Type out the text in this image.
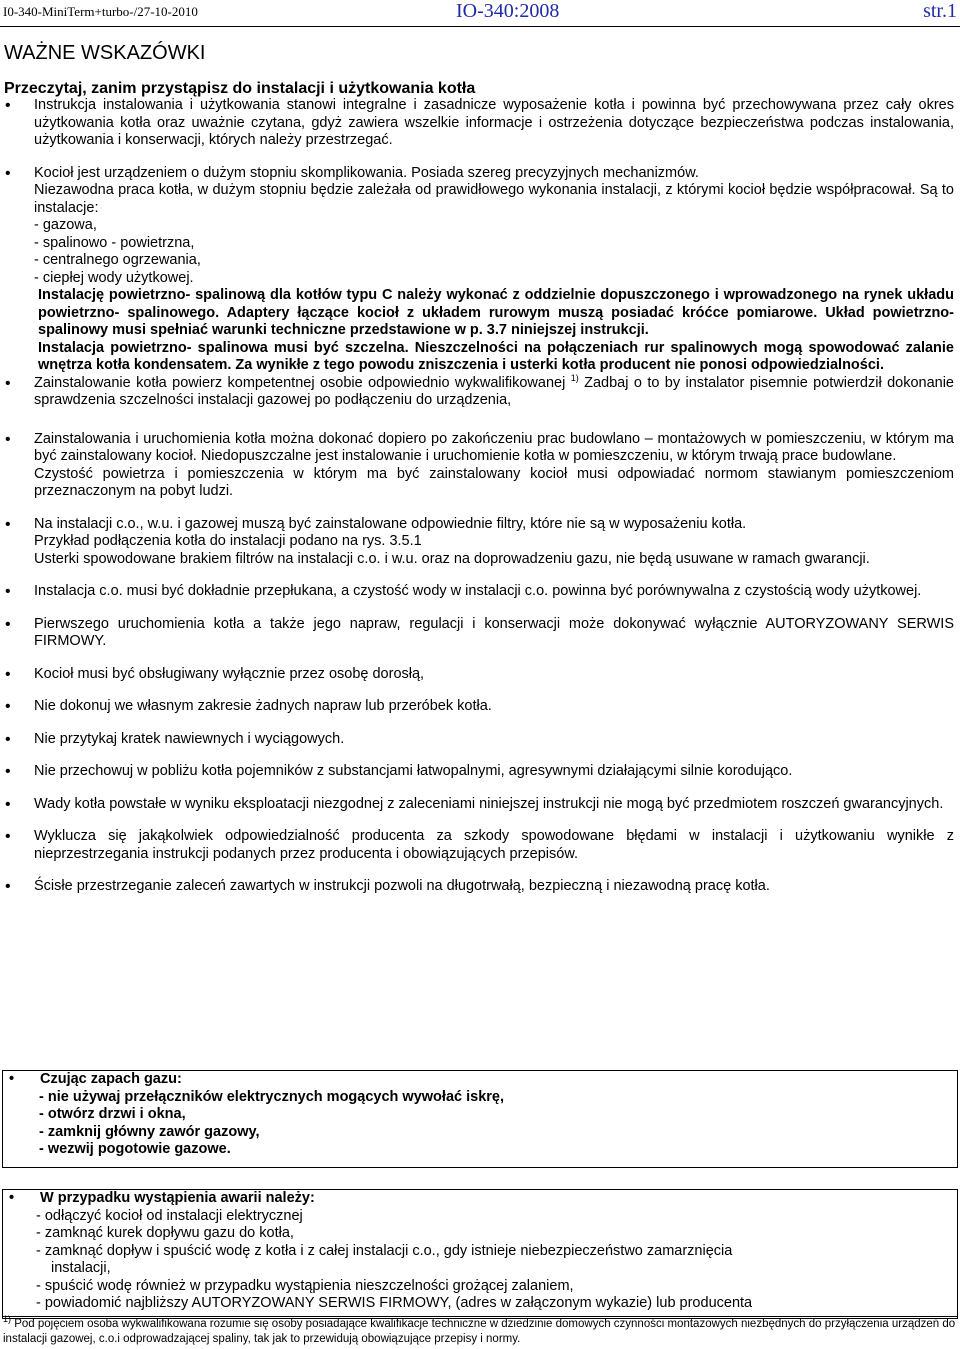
I0-340-MiniTerm+turbo-/27-10-2010	IO-340:2008	str.1
WAŻNE WSKAZÓWKI
Przeczytaj, zanim przystąpisz do instalacji i użytkowania kotła

• Instrukcja instalowania i użytkowania stanowi integralne i zasadnicze wyposażenie kotła i powinna być przechowywana przez cały okres użytkowania kotła oraz uważnie czytana, gdyż zawiera wszelkie informacje i ostrzeżenia dotyczące bezpieczeństwa podczas instalowania, użytkowania i konserwacji, których należy przestrzegać.

• Kocioł jest urządzeniem o dużym stopniu skomplikowania. Posiada szereg precyzyjnych mechanizmów.

Niezawodna praca kotła, w dużym stopniu będzie zależała od prawidłowego wykonania instalacji, z którymi kocioł będzie współpracował. Są to instalacje:

- gazowa,

- spalinowo - powietrzna,

- centralnego ogrzewania,

- ciepłej wody użytkowej.

Instalację powietrzno- spalinową dla kotłów typu C należy wykonać z oddzielnie dopuszczonego i wprowadzonego na rynek układu powietrzno- spalinowego. Adaptery łączące kocioł z układem rurowym muszą posiadać króćce pomiarowe. Układ powietrzno- spalinowy musi spełniać warunki techniczne przedstawione w p. 3.7 niniejszej instrukcji.

Instalacja powietrzno- spalinowa musi być szczelna. Nieszczelności na połączeniach rur spalinowych mogą spowodować zalanie wnętrza kotła kondensatem. Za wynikłe z tego powodu zniszczenia i usterki kotła producent nie ponosi odpowiedzialności.

• Zainstalowanie kotła powierz kompetentnej osobie odpowiednio wykwalifikowanej $^{1)}$ Zadbaj o to by instalator pisemnie potwierdził dokonanie sprawdzenia szczelności instalacji gazowej po podłączeniu do urządzenia,

• Zainstalowania i uruchomienia kotła można dokonać dopiero po zakończeniu prac budowlano – montażowych w pomieszczeniu, w którym ma być zainstalowany kocioł. Niedopuszczalne jest instalowanie i uruchomienie kotła w pomieszczeniu, w którym trwają prace budowlane.

Czystość powietrza i pomieszczenia w którym ma być zainstalowany kocioł musi odpowiadać normom stawianym pomieszczeniom przeznaczonym na pobyt ludzi.

• Na instalacji c.o., w.u. i gazowej muszą być zainstalowane odpowiednie filtry, które nie są w wyposażeniu kotła.

Przykład podłączenia kotła do instalacji podano na rys. 3.5.1

Usterki spowodowane brakiem filtrów na instalacji c.o. i w.u. oraz na doprowadzeniu gazu, nie będą usuwane w ramach gwarancji.

• Instalacja c.o. musi być dokładnie przepłukana, a czystość wody w instalacji c.o. powinna być porównywalna z czystością wody użytkowej.

• Pierwszego uruchomienia kotła a także jego napraw, regulacji i konserwacji może dokonywać wyłącznie AUTORYZOWANY SERWIS FIRMOWY.

• Kocioł musi być obsługiwany wyłącznie przez osobę dorosłą,

• Nie dokonuj we własnym zakresie żadnych napraw lub przeróbek kotła.

• Nie przytykaj kratek nawiewnych i wyciągowych.

• Nie przechowuj w pobliżu kotła pojemników z substancjami łatwopalnymi, agresywnymi działającymi silnie korodująco.

• Wady kotła powstałe w wyniku eksploatacji niezgodnej z zaleceniami niniejszej instrukcji nie mogą być przedmiotem roszczeń gwarancyjnych.

• Wyklucza się jakąkolwiek odpowiedzialność producenta za szkody spowodowane błędami w instalacji i użytkowaniu wynikłe z nieprzestrzegania instrukcji podanych przez producenta i obowiązujących przepisów.

• Ścisłe przestrzeganie zaleceń zawartych w instrukcji pozwoli na długotrwałą, bezpieczną i niezawodną pracę kotła.

• Czując zapach gazu:
- nie używaj przełączników elektrycznych mogących wywołać iskrę,
- otwórz drzwi i okna,
- zamknij główny zawór gazowy,
- wezwij pogotowie gazowe.
• W przypadku wystąpienia awarii należy:
- odłączyć kocioł od instalacji elektrycznej
- zamknąć kurek dopływu gazu do kotła,
- zamknąć dopływ i spuścić wodę z kotła i z całej instalacji c.o., gdy istnieje niebezpieczeństwo zamarznięcia
instalacji,
- spuścić wodę również w przypadku wystąpienia nieszczelności grożącej zalaniem,
- powiadomić najbliższy AUTORYZOWANY SERWIS FIRMOWY, (adres w załączonym wykazie) lub producenta
$^{1)}$ Pod pojęciem osoba wykwalifikowana rozumie się osoby posiadające kwalifikacje techniczne w dziedzinie domowych czynności montażowych niezbędnych do przyłączenia urządzeń do instalacji gazowej, c.o.i odprowadzającej spaliny, tak jak to przewidują obowiązujące przepisy i normy.
